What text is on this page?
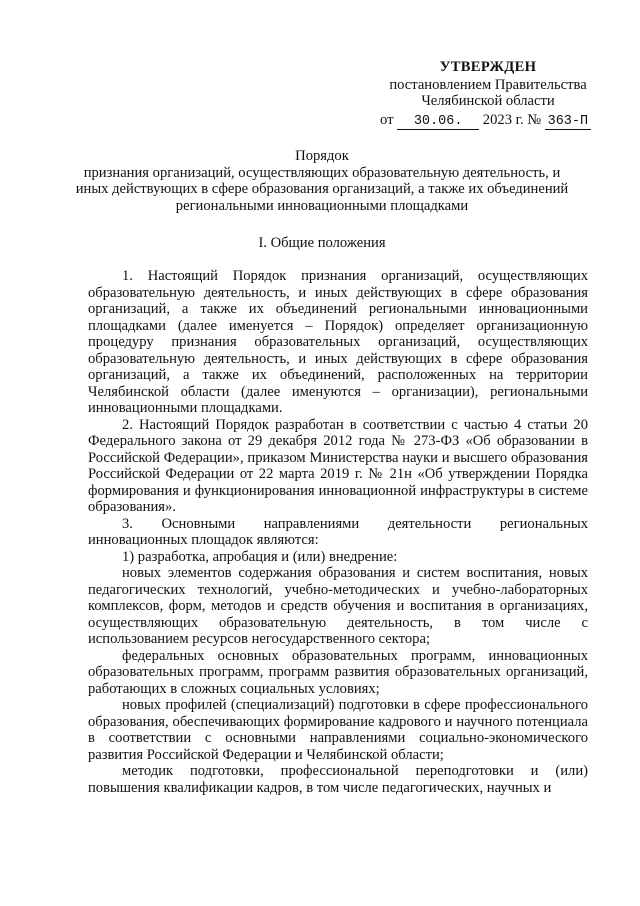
УТВЕРЖДЕН
постановлением Правительства
Челябинской области
от 30.06. 2023 г. № 363-П
Порядок
признания организаций, осуществляющих образовательную деятельность, и
иных действующих в сфере образования организаций, а также их объединений
региональными инновационными площадками
I. Общие положения

1. Настоящий Порядок признания организаций, осуществляющих образовательную деятельность, и иных действующих в сфере образования организаций, а также их объединений региональными инновационными площадками (далее именуется – Порядок) определяет организационную процедуру признания образовательных организаций, осуществляющих образовательную деятельность, и иных действующих в сфере образования организаций, а также их объединений, расположенных на территории Челябинской области (далее именуются – организации), региональными инновационными площадками.

2. Настоящий Порядок разработан в соответствии с частью 4 статьи 20 Федерального закона от 29 декабря 2012 года № 273-ФЗ «Об образовании в Российской Федерации», приказом Министерства науки и высшего образования Российской Федерации от 22 марта 2019 г. № 21н «Об утверждении Порядка формирования и функционирования инновационной инфраструктуры в системе образования».

3. Основными направлениями деятельности региональных инновационных площадок являются:

1) разработка, апробация и (или) внедрение:

новых элементов содержания образования и систем воспитания, новых педагогических технологий, учебно-методических и учебно-лабораторных комплексов, форм, методов и средств обучения и воспитания в организациях, осуществляющих образовательную деятельность, в том числе с использованием ресурсов негосударственного сектора;

федеральных основных образовательных программ, инновационных образовательных программ, программ развития образовательных организаций, работающих в сложных социальных условиях;

новых профилей (специализаций) подготовки в сфере профессионального образования, обеспечивающих формирование кадрового и научного потенциала в соответствии с основными направлениями социально-экономического развития Российской Федерации и Челябинской области;

методик подготовки, профессиональной переподготовки и (или) повышения квалификации кадров, в том числе педагогических, научных и
